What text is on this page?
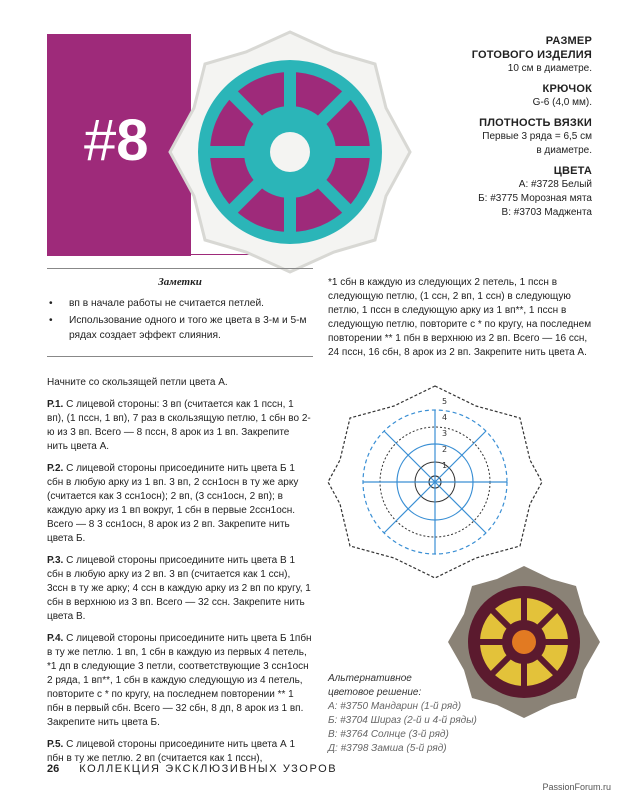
#8
РАЗМЕР
ГОТОВОГО ИЗДЕЛИЯ
10 см в диаметре.
КРЮЧОК
G-6 (4,0 мм).
ПЛОТНОСТЬ ВЯЗКИ
Первые 3 ряда = 6,5 см
в диаметре.
ЦВЕТА
А: #3728 Белый
Б: #3775 Морозная мята
В: #3703 Маджента
Заметки
• вп в начале работы не считается петлей.
• Использование одного и того же цвета в 3-м и 5-м рядах создает эффект слияния.

Начните со скользящей петли цвета А.

Р.1. С лицевой стороны: 3 вп (считается как 1 пссн, 1 вп), (1 пссн, 1 вп), 7 раз в скользящую петлю, 1 сбн во 2-ю из 3 вп. Всего — 8 пссн, 8 арок из 1 вп. Закрепите нить цвета А.

Р.2. С лицевой стороны присоедините нить цвета Б 1 сбн в любую арку из 1 вп. 3 вп, 2 ссн1осн в ту же арку (считается как 3 ссн1осн); 2 вп, (3 ссн1осн, 2 вп); в каждую арку из 1 вп вокруг, 1 сбн в первые 2ссн1осн. Всего — 8 3 ссн1осн, 8 арок из 2 вп. Закрепите нить цвета Б.

Р.3. С лицевой стороны присоедините нить цвета В 1 сбн в любую арку из 2 вп. 3 вп (считается как 1 ссн), 3ссн в ту же арку; 4 ссн в каждую арку из 2 вп по кругу, 1 сбн в верхнюю из 3 вп. Всего — 32 ссн. Закрепите нить цвета В.

Р.4. С лицевой стороны присоедините нить цвета Б 1пбн в ту же петлю. 1 вп, 1 сбн в каждую из первых 4 петель, *1 дп в следующие 3 петли, соответствующие 3 ссн1осн 2 ряда, 1 вп**, 1 сбн в каждую следующую из 4 петель, повторите с * по кругу, на последнем повторении ** 1 пбн в первый сбн. Всего — 32 сбн, 8 дп, 8 арок из 1 вп. Закрепите нить цвета Б.

Р.5. С лицевой стороны присоедините нить цвета А 1 пбн в ту же петлю. 2 вп (считается как 1 пссн),

*1 сбн в каждую из следующих 2 петель, 1 пссн в следующую петлю, (1 ссн, 2 вп, 1 ссн) в следующую петлю, 1 пссн в следующую арку из 1 вп**, 1 пссн в следующую петлю, повторите с * по кругу, на последнем повторении ** 1 пбн в верхнюю из 2 вп. Всего — 16 ссн, 24 пссн, 16 сбн, 8 арок из 2 вп. Закрепите нить цвета А.
5
4
3
2
1
Альтернативное
цветовое решение:
А: #3750 Мандарин (1-й ряд)
Б: #3704 Шираз (2-й и 4-й ряды)
В: #3764 Солнце (3-й ряд)
Д: #3798 Замша (5-й ряд)
26 КОЛЛЕКЦИЯ ЭКСКЛЮЗИВНЫХ УЗОРОВ
PassionForum.ru
